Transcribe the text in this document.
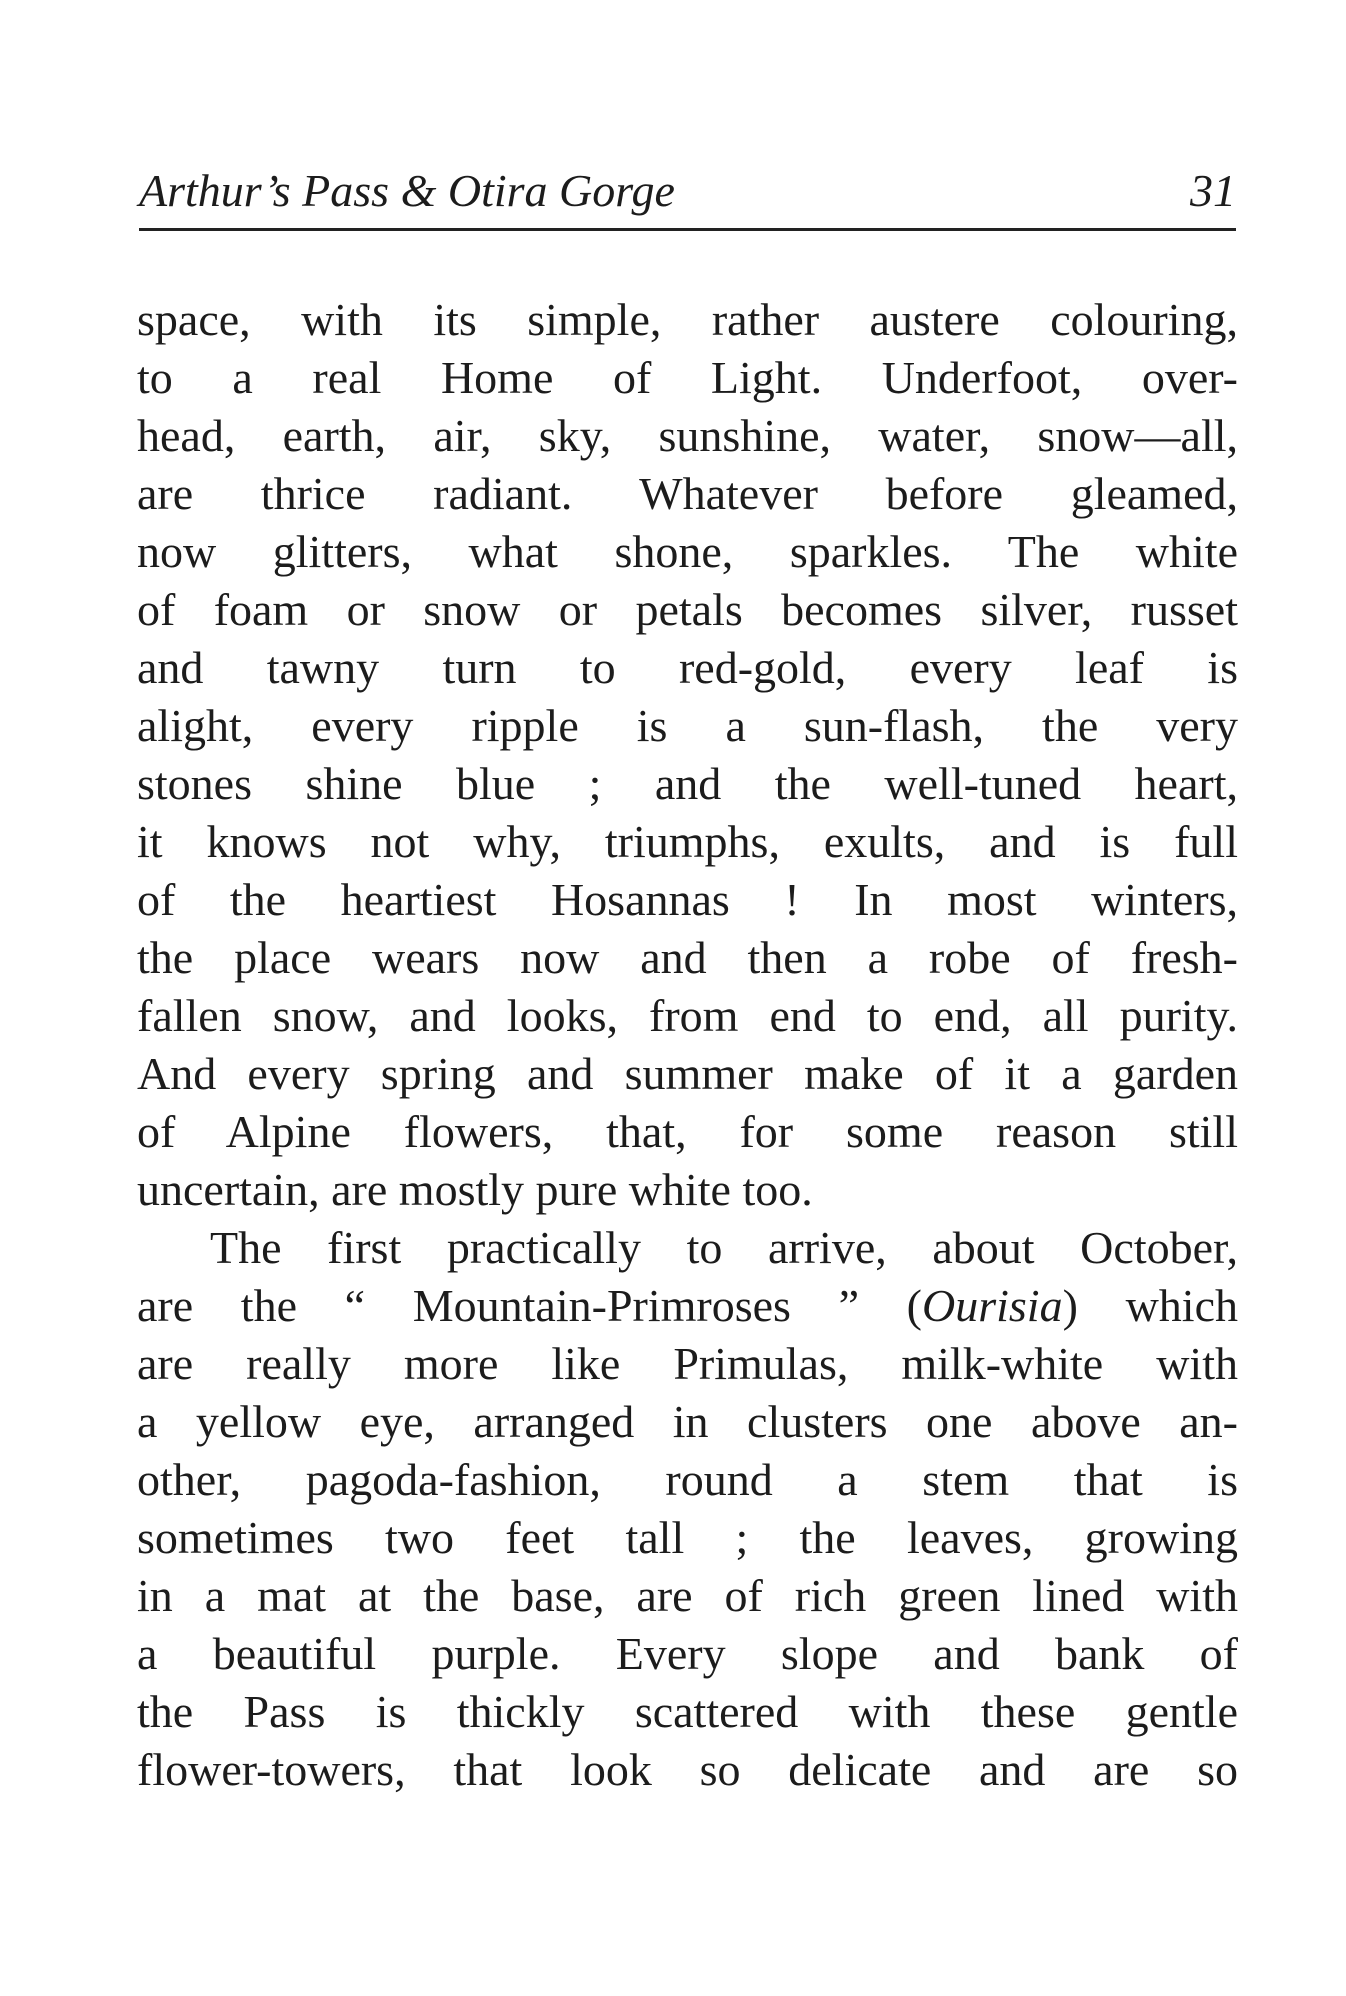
Arthur’s Pass & Otira Gorge	31
space, with its simple, rather austere colouring,
to a real Home of Light. Underfoot, over-
head, earth, air, sky, sunshine, water, snow—all,
are thrice radiant. Whatever before gleamed,
now glitters, what shone, sparkles. The white
of foam or snow or petals becomes silver, russet
and tawny turn to red-gold, every leaf is
alight, every ripple is a sun-flash, the very
stones shine blue ; and the well-tuned heart,
it knows not why, triumphs, exults, and is full
of the heartiest Hosannas ! In most winters,
the place wears now and then a robe of fresh-
fallen snow, and looks, from end to end, all purity.
And every spring and summer make of it a garden
of Alpine flowers, that, for some reason still
uncertain, are mostly pure white too.
The first practically to arrive, about October,
are the “ Mountain-Primroses ” (Ourisia) which
are really more like Primulas, milk-white with
a yellow eye, arranged in clusters one above an-
other, pagoda-fashion, round a stem that is
sometimes two feet tall ; the leaves, growing
in a mat at the base, are of rich green lined with
a beautiful purple. Every slope and bank of
the Pass is thickly scattered with these gentle
flower-towers, that look so delicate and are so
